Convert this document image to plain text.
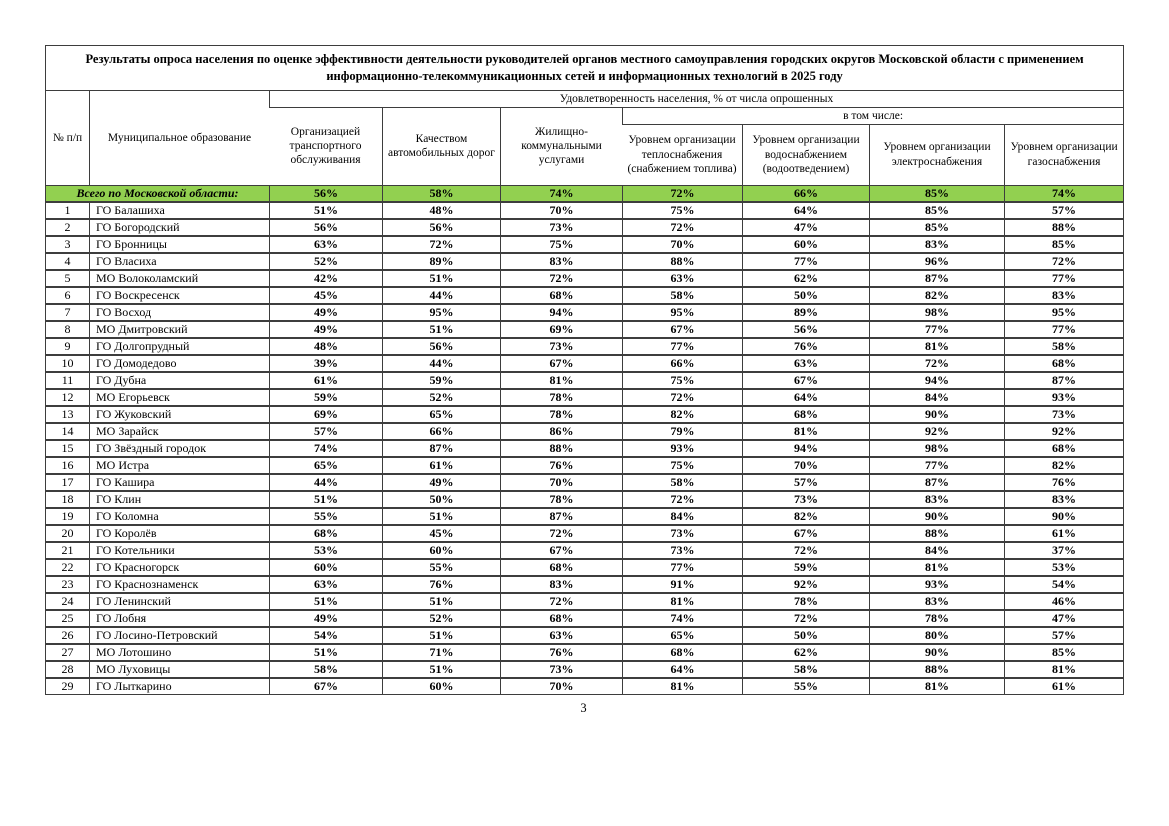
Результаты опроса населения по оценке эффективности деятельности руководителей органов местного самоуправления городских округов Московской области с применением информационно-телекоммуникационных сетей и информационных технологий в 2025 году								
№ п/п	Муниципальное образование	Удовлетворенность населения, % от числа опрошенных						
		Организацией транспортного обслуживания	Качеством автомобильных дорог	Жилищно-коммунальными услугами	в том числе:			
					Уровнем организации теплоснабжения (снабжением топлива)	Уровнем организации водоснабжением (водоотведением)	Уровнем организации электроснабжения	Уровнем организации газоснабжения
Всего по Московской области:		56%	58%	74%	72%	66%	85%	74%
1	ГО Балашиха	51%	48%	70%	75%	64%	85%	57%
2	ГО Богородский	56%	56%	73%	72%	47%	85%	88%
3	ГО Бронницы	63%	72%	75%	70%	60%	83%	85%
4	ГО Власиха	52%	89%	83%	88%	77%	96%	72%
5	МО Волоколамский	42%	51%	72%	63%	62%	87%	77%
6	ГО Воскресенск	45%	44%	68%	58%	50%	82%	83%
7	ГО Восход	49%	95%	94%	95%	89%	98%	95%
8	МО Дмитровский	49%	51%	69%	67%	56%	77%	77%
9	ГО Долгопрудный	48%	56%	73%	77%	76%	81%	58%
10	ГО Домодедово	39%	44%	67%	66%	63%	72%	68%
11	ГО Дубна	61%	59%	81%	75%	67%	94%	87%
12	МО Егорьевск	59%	52%	78%	72%	64%	84%	93%
13	ГО Жуковский	69%	65%	78%	82%	68%	90%	73%
14	МО Зарайск	57%	66%	86%	79%	81%	92%	92%
15	ГО Звёздный городок	74%	87%	88%	93%	94%	98%	68%
16	МО Истра	65%	61%	76%	75%	70%	77%	82%
17	ГО Кашира	44%	49%	70%	58%	57%	87%	76%
18	ГО Клин	51%	50%	78%	72%	73%	83%	83%
19	ГО Коломна	55%	51%	87%	84%	82%	90%	90%
20	ГО Королёв	68%	45%	72%	73%	67%	88%	61%
21	ГО Котельники	53%	60%	67%	73%	72%	84%	37%
22	ГО Красногорск	60%	55%	68%	77%	59%	81%	53%
23	ГО Краснознаменск	63%	76%	83%	91%	92%	93%	54%
24	ГО Ленинский	51%	51%	72%	81%	78%	83%	46%
25	ГО Лобня	49%	52%	68%	74%	72%	78%	47%
26	ГО Лосино-Петровский	54%	51%	63%	65%	50%	80%	57%
27	МО Лотошино	51%	71%	76%	68%	62%	90%	85%
28	МО Луховицы	58%	51%	73%	64%	58%	88%	81%
29	ГО Лыткарино	67%	60%	70%	81%	55%	81%	61%
3
